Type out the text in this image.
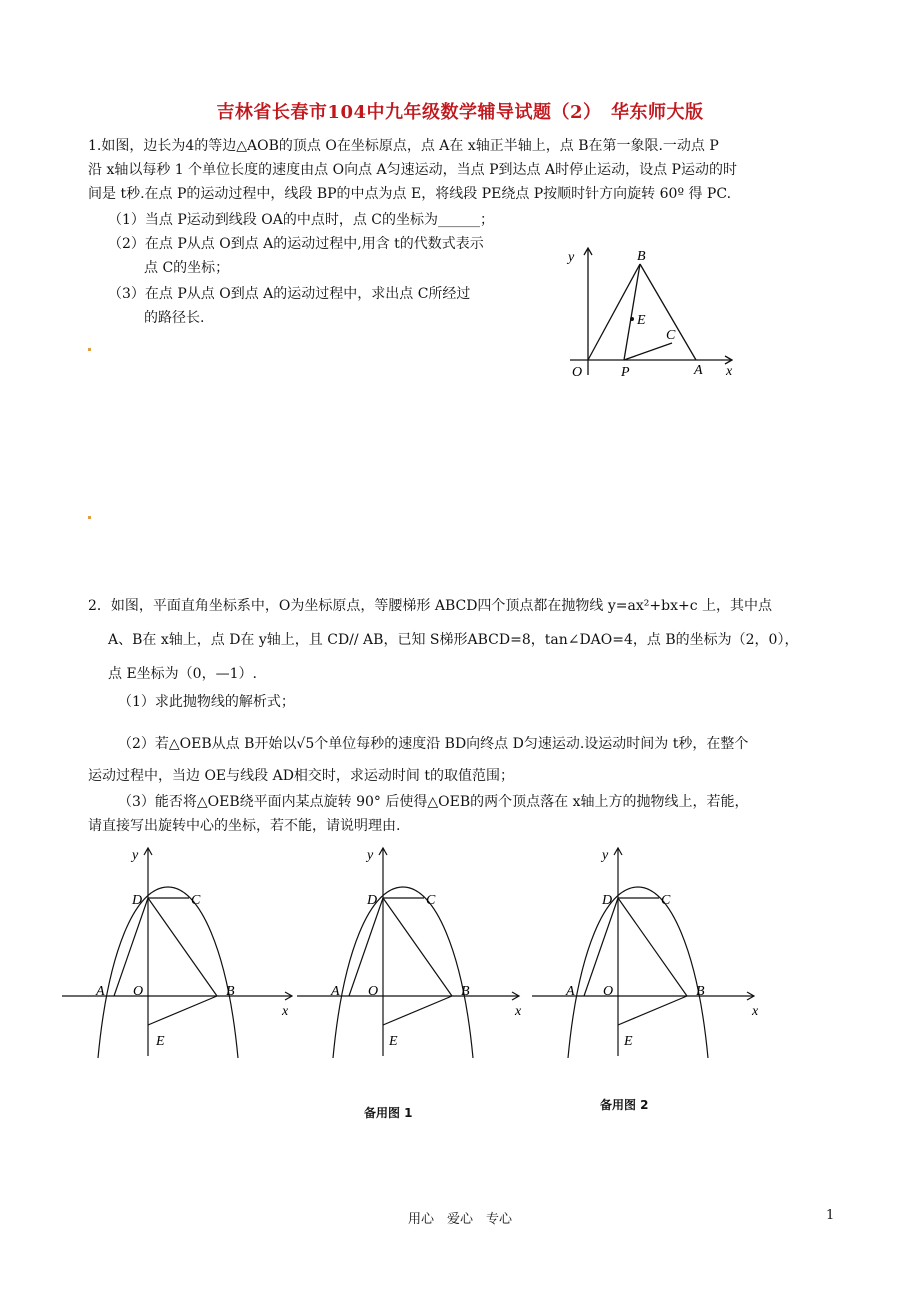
吉林省长春市104中九年级数学辅导试题（2）　华东师大版
1.如图，边长为4的等边△AOB的顶点 O在坐标原点，点 A在 x轴正半轴上，点 B在第一象限.一动点 P
沿 x轴以每秒 1 个单位长度的速度由点 O向点 A匀速运动，当点 P到达点 A时停止运动，设点 P运动的时
间是 t秒.在点 P的运动过程中，线段 BP的中点为点 E，将线段 PE绕点 P按顺时针方向旋转 60º 得 PC.
（1）当点 P运动到线段 OA的中点时，点 C的坐标为______；
（2）在点 P从点 O到点 A的运动过程中,用含 t的代数式表示
点 C的坐标；
（3）在点 P从点 O到点 A的运动过程中，求出点 C所经过
的路径长.
y	B
E
C
O	P	A x
2．如图，平面直角坐标系中，O为坐标原点，等腰梯形 ABCD四个顶点都在抛物线 y=ax²+bx+c 上，其中点
A、B在 x轴上，点 D在 y轴上，且 CD// AB，已知 S梯形ABCD=8，tan∠DAO=4，点 B的坐标为（2，0），
点 E坐标为（0，—1）.
（1）求此抛物线的解析式；
（2）若△OEB从点 B开始以√5个单位每秒的速度沿 BD向终点 D匀速运动.设运动时间为 t秒，在整个
运动过程中，当边 OE与线段 AD相交时，求运动时间 t的取值范围；
（3）能否将△OEB绕平面内某点旋转 90° 后使得△OEB的两个顶点落在 x轴上方的抛物线上，若能，
请直接写出旋转中心的坐标，若不能，请说明理由.
y
D	C
A O	B
x
E
y
D	C
A O	B
x
E
y
D	C
A O	B
x
E
备用图 1
备用图 2
用心　爱心　专心	1
